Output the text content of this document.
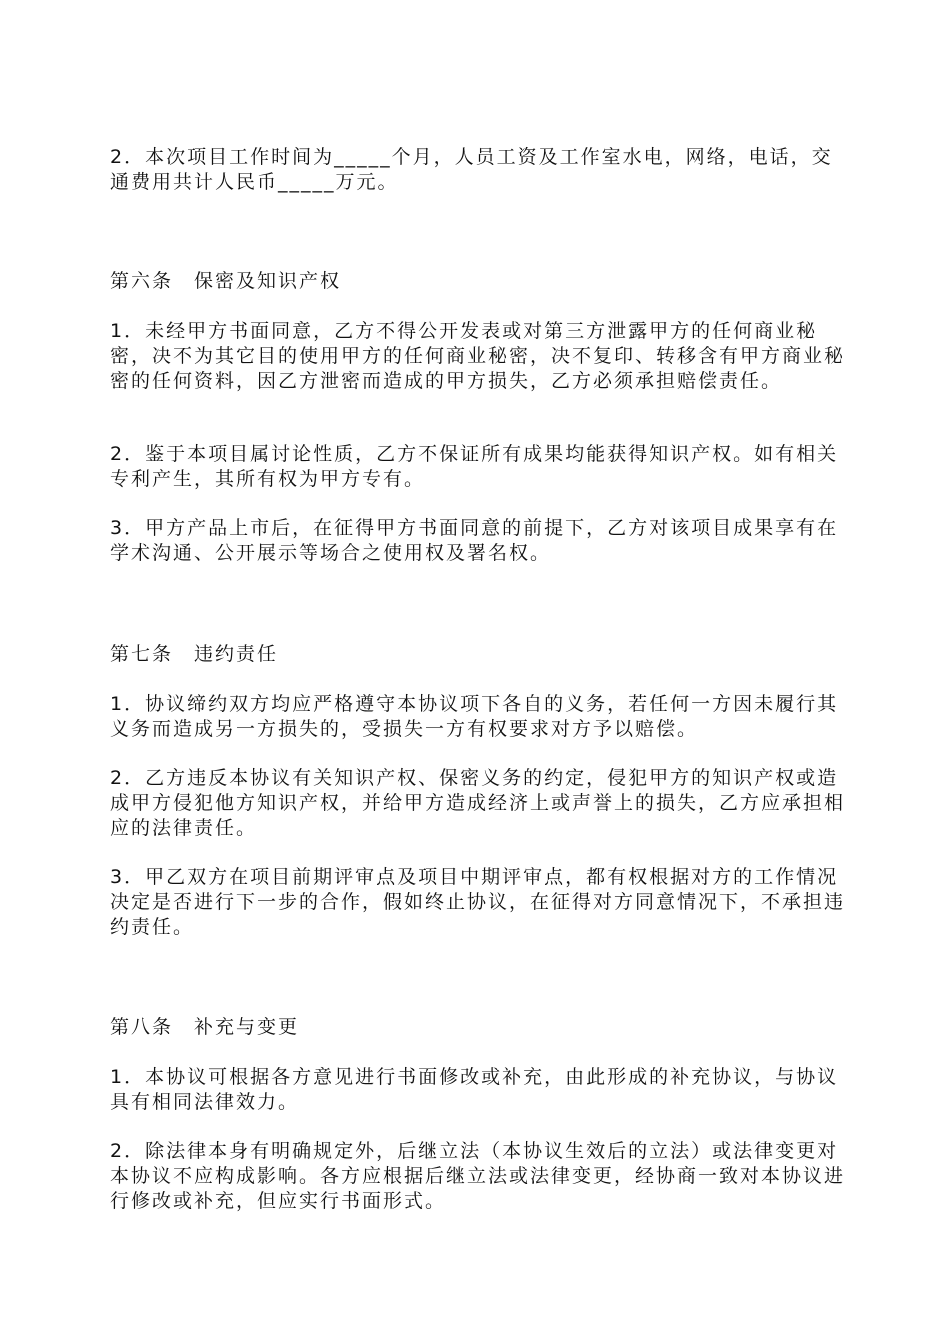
2．本次项目工作时间为_____个月，人员工资及工作室水电，网络，电话，交通费用共计人民币_____万元。

第六条　保密及知识产权

1．未经甲方书面同意，乙方不得公开发表或对第三方泄露甲方的任何商业秘密，决不为其它目的使用甲方的任何商业秘密，决不复印、转移含有甲方商业秘密的任何资料，因乙方泄密而造成的甲方损失，乙方必须承担赔偿责任。

2．鉴于本项目属讨论性质，乙方不保证所有成果均能获得知识产权。如有相关专利产生，其所有权为甲方专有。

3．甲方产品上市后，在征得甲方书面同意的前提下，乙方对该项目成果享有在学术沟通、公开展示等场合之使用权及署名权。

第七条　违约责任

1．协议缔约双方均应严格遵守本协议项下各自的义务，若任何一方因未履行其义务而造成另一方损失的，受损失一方有权要求对方予以赔偿。

2．乙方违反本协议有关知识产权、保密义务的约定，侵犯甲方的知识产权或造成甲方侵犯他方知识产权，并给甲方造成经济上或声誉上的损失，乙方应承担相应的法律责任。

3．甲乙双方在项目前期评审点及项目中期评审点，都有权根据对方的工作情况决定是否进行下一步的合作，假如终止协议，在征得对方同意情况下，不承担违约责任。

第八条　补充与变更

1．本协议可根据各方意见进行书面修改或补充，由此形成的补充协议，与协议具有相同法律效力。

2．除法律本身有明确规定外，后继立法（本协议生效后的立法）或法律变更对本协议不应构成影响。各方应根据后继立法或法律变更，经协商一致对本协议进行修改或补充，但应实行书面形式。
